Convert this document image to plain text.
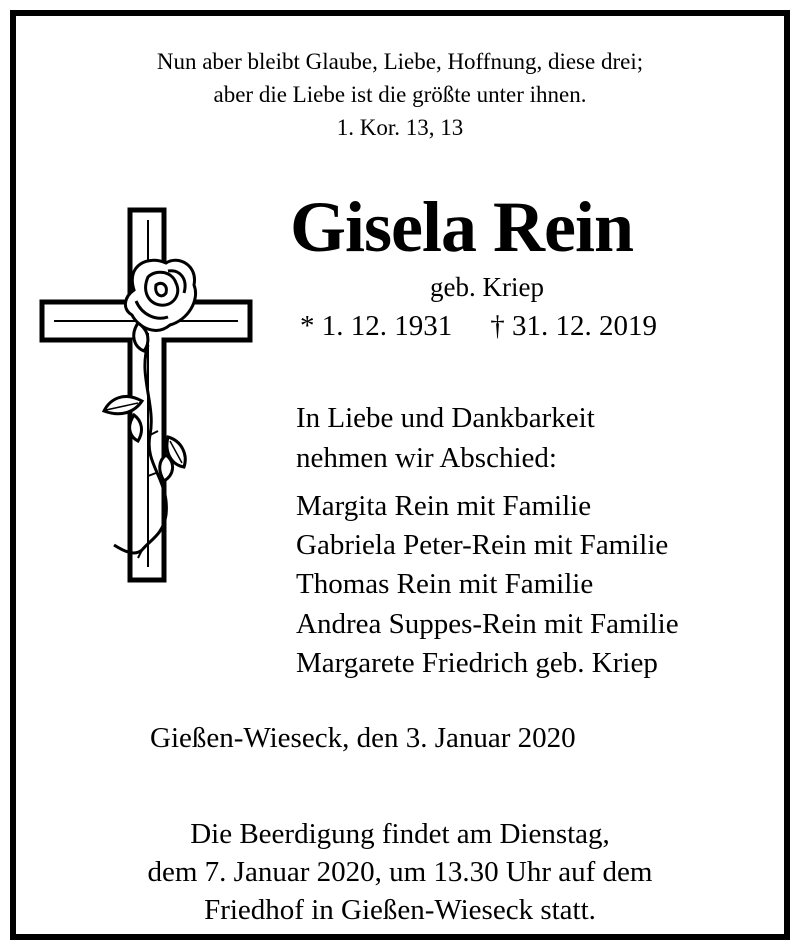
Nun aber bleibt Glaube, Liebe, Hoffnung, diese drei;
aber die Liebe ist die größte unter ihnen.
1. Kor. 13, 13
Gisela Rein
geb. Kriep
* 1. 12. 1931 † 31. 12. 2019
In Liebe und Dankbarkeit
nehmen wir Abschied:
Margita Rein mit Familie
Gabriela Peter-Rein mit Familie
Thomas Rein mit Familie
Andrea Suppes-Rein mit Familie
Margarete Friedrich geb. Kriep
Gießen-Wieseck, den 3. Januar 2020
Die Beerdigung findet am Dienstag,
dem 7. Januar 2020, um 13.30 Uhr auf dem
Friedhof in Gießen-Wieseck statt.
